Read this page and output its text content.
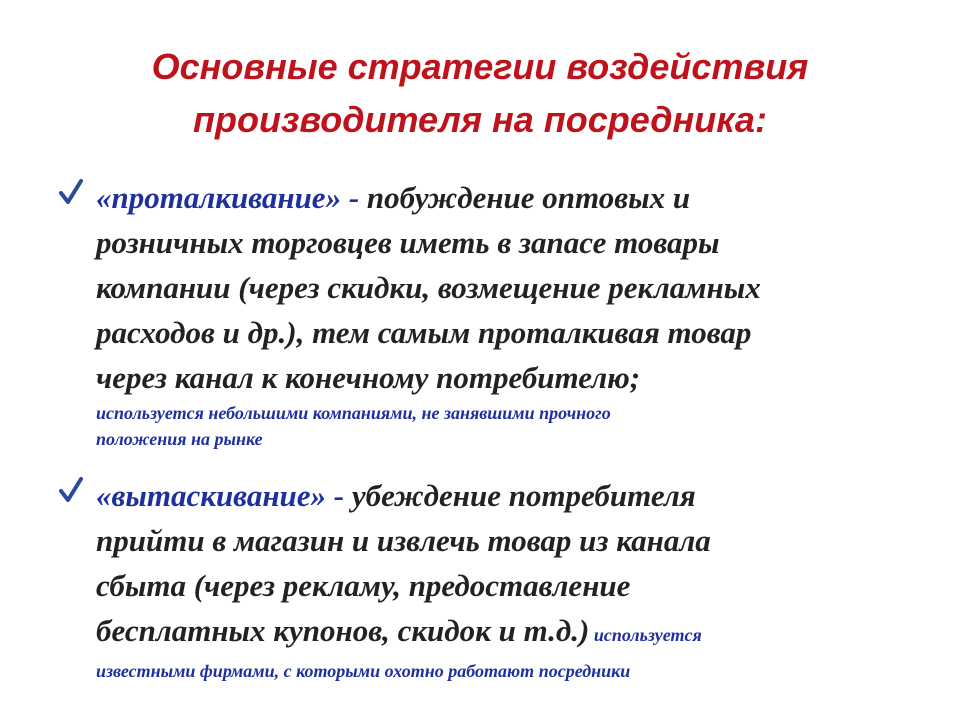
Основные стратегии воздействия
производителя на посредника:
«проталкивание» - побуждение оптовых и
розничных торговцев иметь в запасе товары
компании (через скидки, возмещение рекламных
расходов и др.), тем самым проталкивая товар
через канал к конечному потребителю;
используется небольшими компаниями, не занявшими прочного
положения на рынке
«вытаскивание» - убеждение потребителя
прийти в магазин и извлечь товар из канала
сбыта (через рекламу, предоставление
бесплатных купонов, скидок и т.д.) используется
известными фирмами, с которыми охотно работают посредники
